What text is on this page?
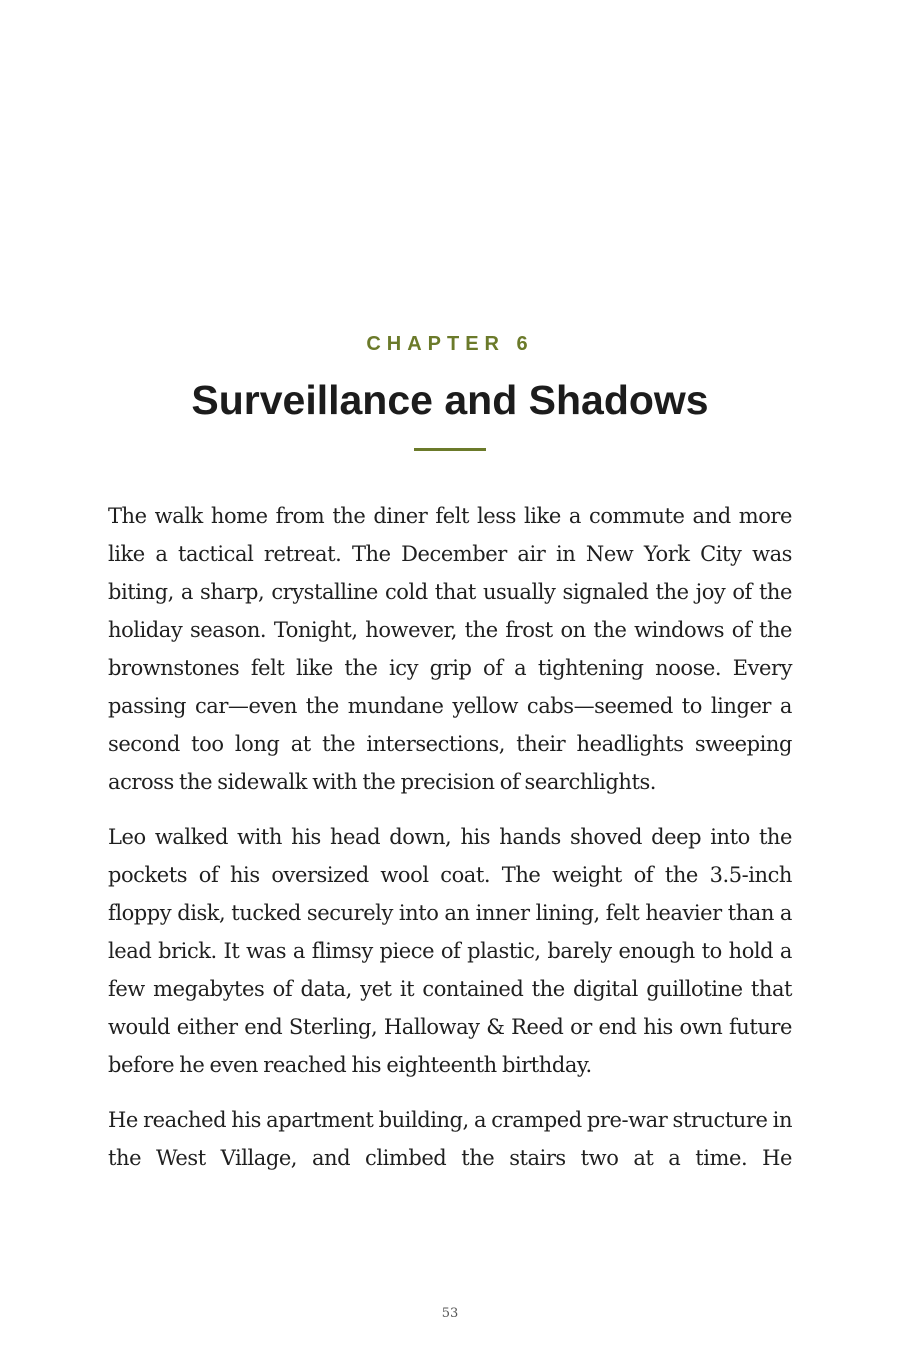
CHAPTER 6
Surveillance and Shadows

The walk home from the diner felt less like a commute and more like a tactical retreat. The December air in New York City was biting, a sharp, crystalline cold that usually signaled the joy of the holiday season. Tonight, however, the frost on the windows of the brownstones felt like the icy grip of a tightening noose. Every passing car—even the mundane yellow cabs—seemed to linger a second too long at the intersections, their headlights sweeping across the sidewalk with the precision of searchlights.

Leo walked with his head down, his hands shoved deep into the pockets of his oversized wool coat. The weight of the 3.5-inch floppy disk, tucked securely into an inner lining, felt heavier than a lead brick. It was a flimsy piece of plastic, barely enough to hold a few megabytes of data, yet it contained the digital guillotine that would either end Sterling, Halloway & Reed or end his own future before he even reached his eighteenth birthday.

He reached his apartment building, a cramped pre-war structure in the West Village, and climbed the stairs two at a time. He

53
